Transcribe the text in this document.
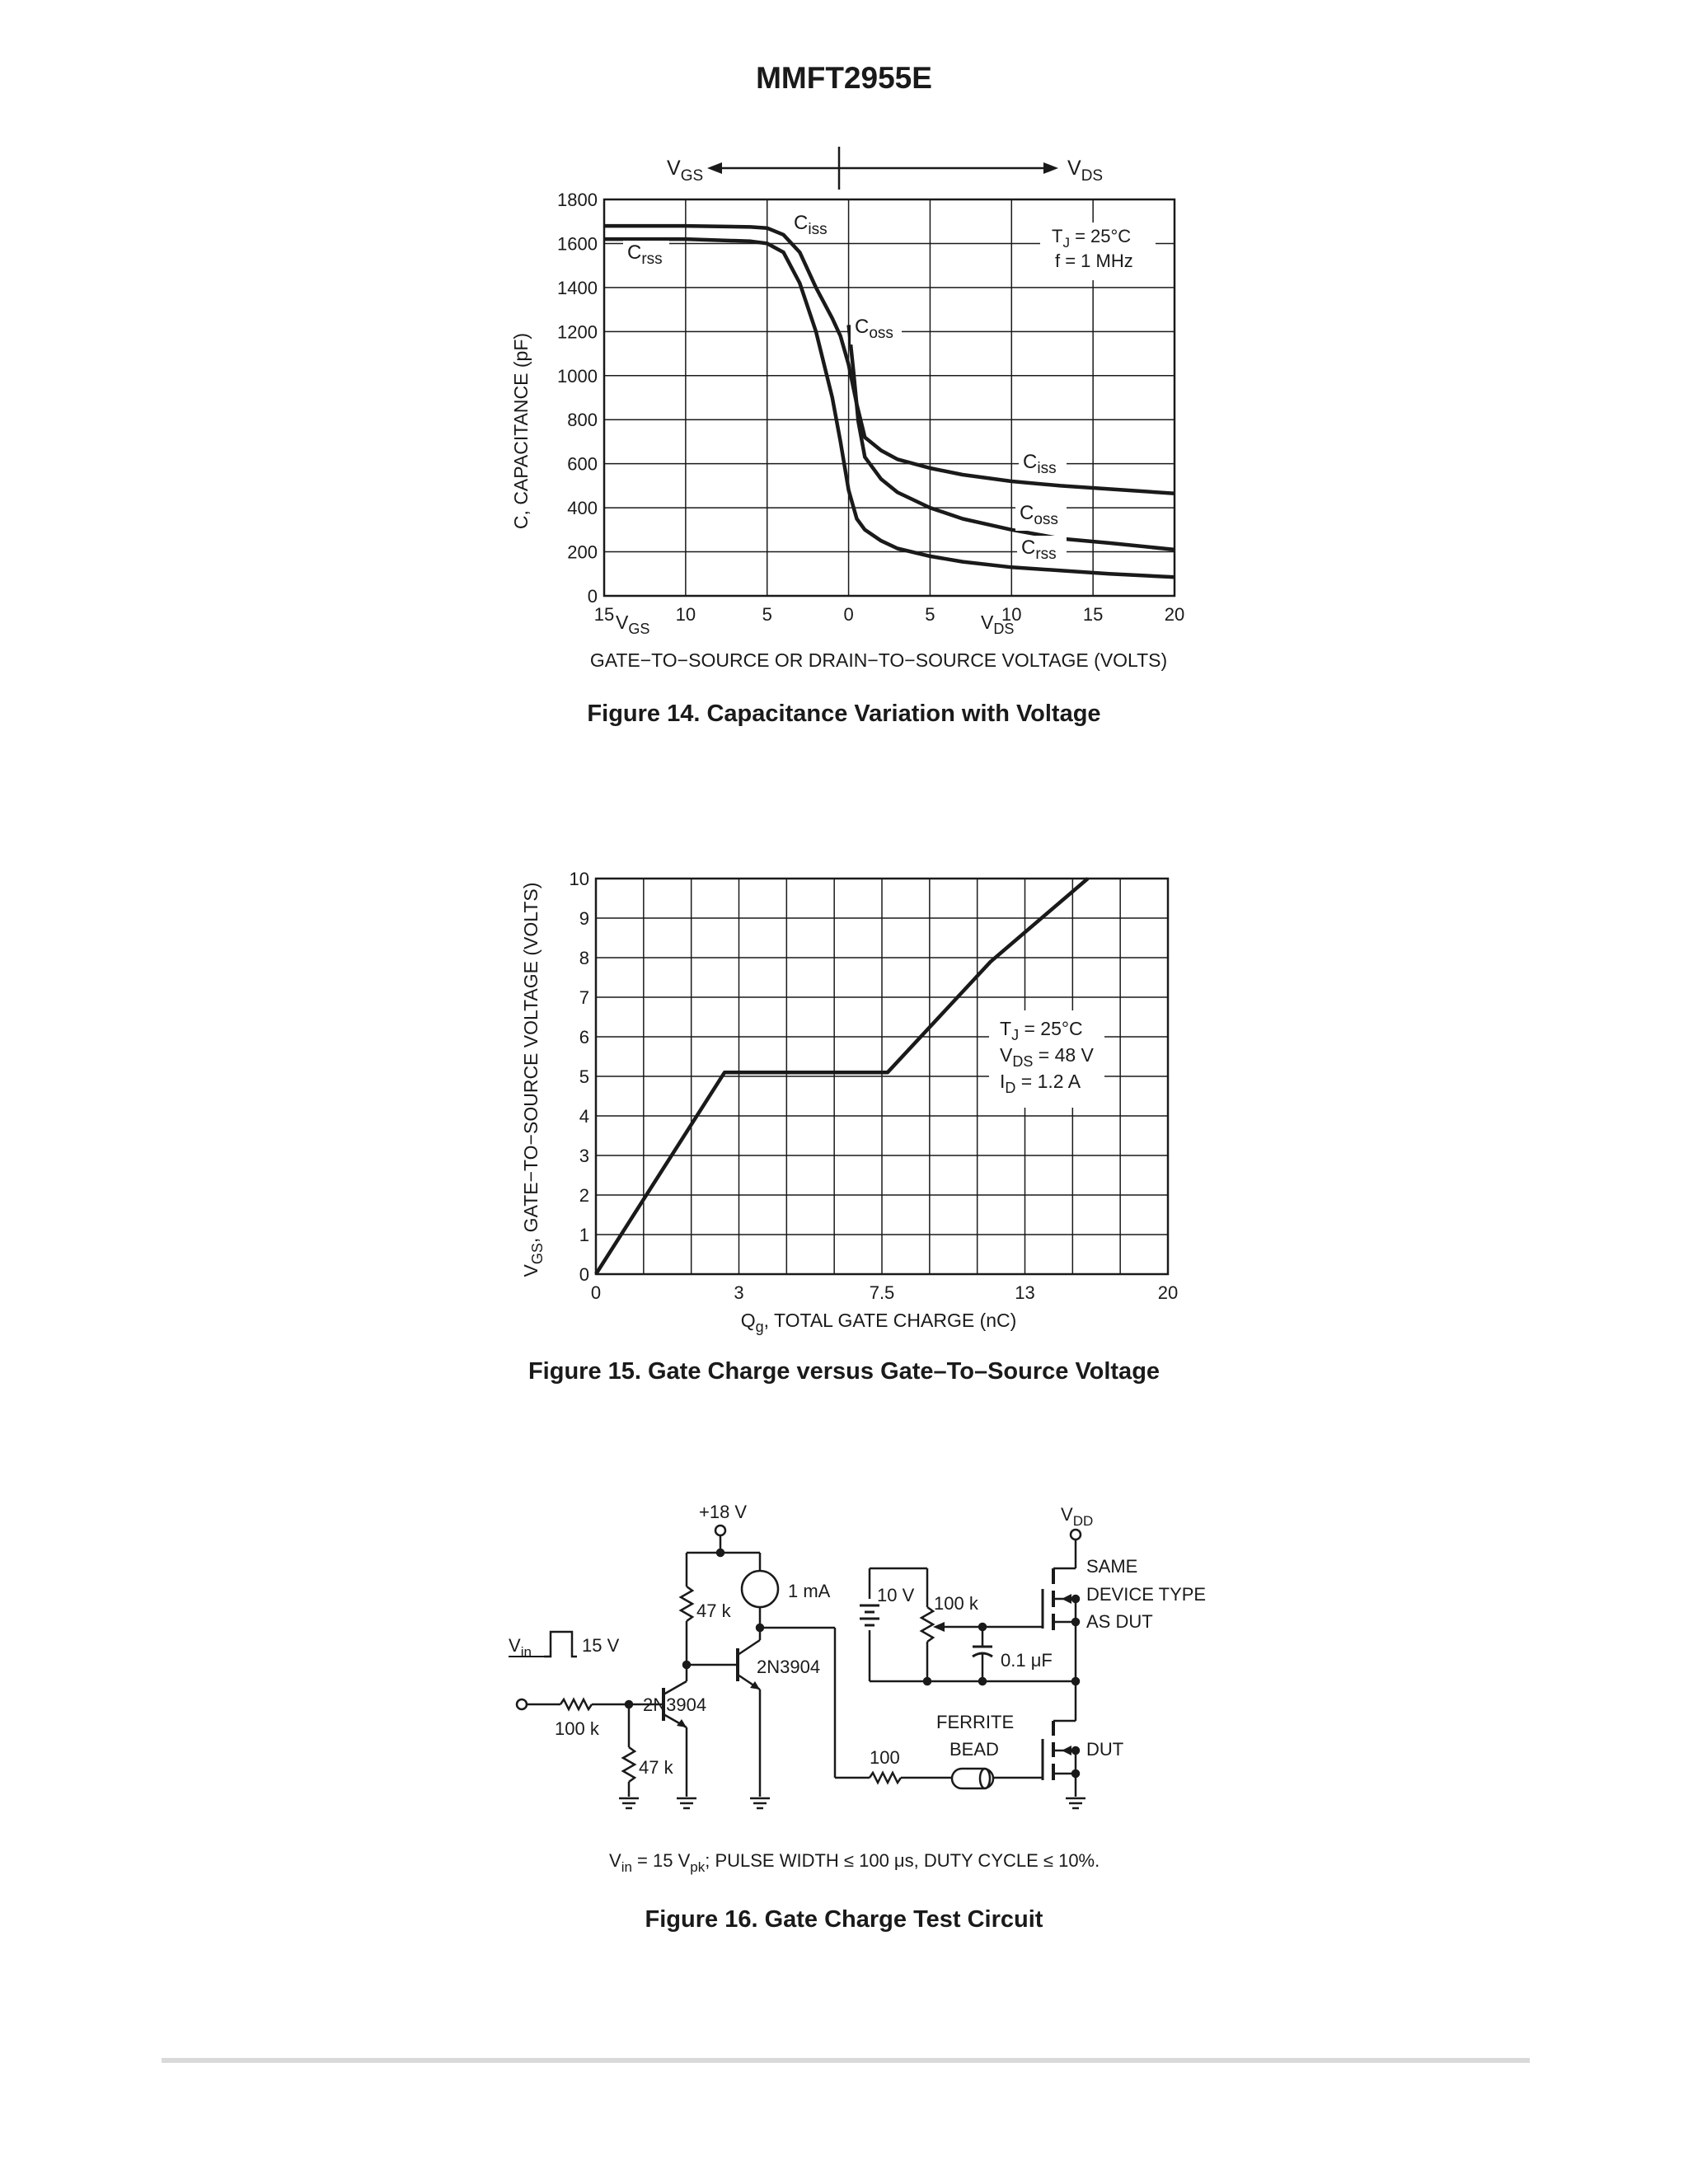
MMFT2955E
$V_{GS}$	$V_{DS}$
0
200
400
600
800
1000
1200
1400
1600
1800
15	10	5	0	5	10	15	20
C, CAPACITANCE (pF)
GATE−TO−SOURCE OR DRAIN−TO−SOURCE VOLTAGE (VOLTS)
$V_{GS}$	$V_{DS}$
$T_J = 25^\circ C$
f = 1 MHz
$C_{iss}$
$C_{rss}$
$C_{oss}$
$C_{iss}$
$C_{oss}$
$C_{rss}$
Figure 14. Capacitance Variation with Voltage
0
1
2
3
4
5
6
7
8
9
10
0	3	7.5	13	20
$V_{GS}$, GATE−TO−SOURCE VOLTAGE (VOLTS)
$Q_g$, TOTAL GATE CHARGE (nC)
$T_J = 25^\circ C$
$V_{DS} = 48$ V
$I_D = 1.2$ A
Figure 15. Gate Charge versus Gate–To–Source Voltage
+18 V
47 k
1 mA
2N3904
2N3904
$V_{in}$	15 V
100 k
47 k	100
FERRITE
BEAD
10 V 100 k
0.1 μF
$V_{DD}$
SAME
DEVICE TYPE
AS DUT
DUT
$V_{in} = 15$ $V_{pk}$; PULSE WIDTH ≤ 100 μs, DUTY CYCLE ≤ 10%.
Figure 16. Gate Charge Test Circuit
